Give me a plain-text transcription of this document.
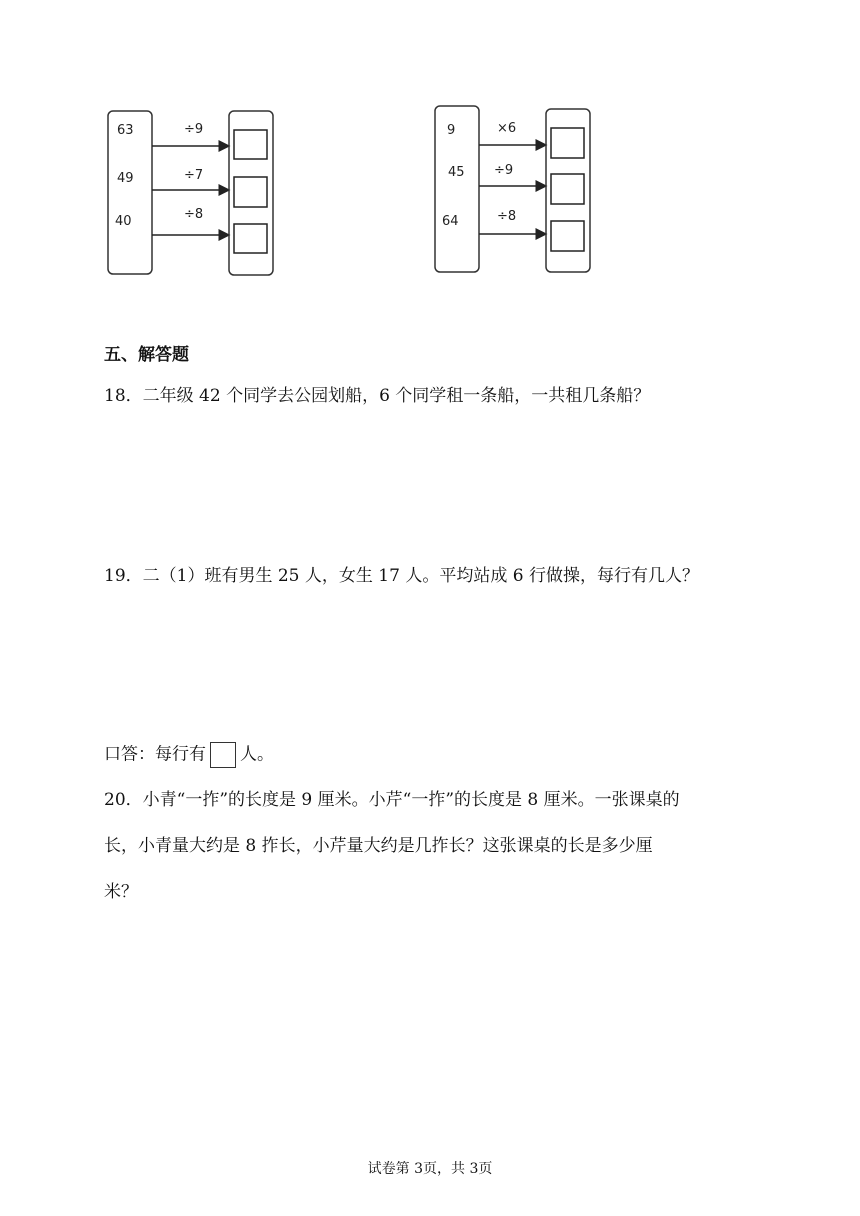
63
49
40
÷9
÷7
÷8
9
45
64
×6
÷9
÷8
五、解答题
18．二年级 42 个同学去公园划船，6 个同学租一条船，一共租几条船？
19．二（1）班有男生 25 人，女生 17 人。平均站成 6 行做操，每行有几人？
口答：每行有 人。
20．小青“一拃”的长度是 9 厘米。小芹“一拃”的长度是 8 厘米。一张课桌的
长，小青量大约是 8 拃长，小芹量大约是几拃长？这张课桌的长是多少厘
米？
试卷第 3页，共 3页
